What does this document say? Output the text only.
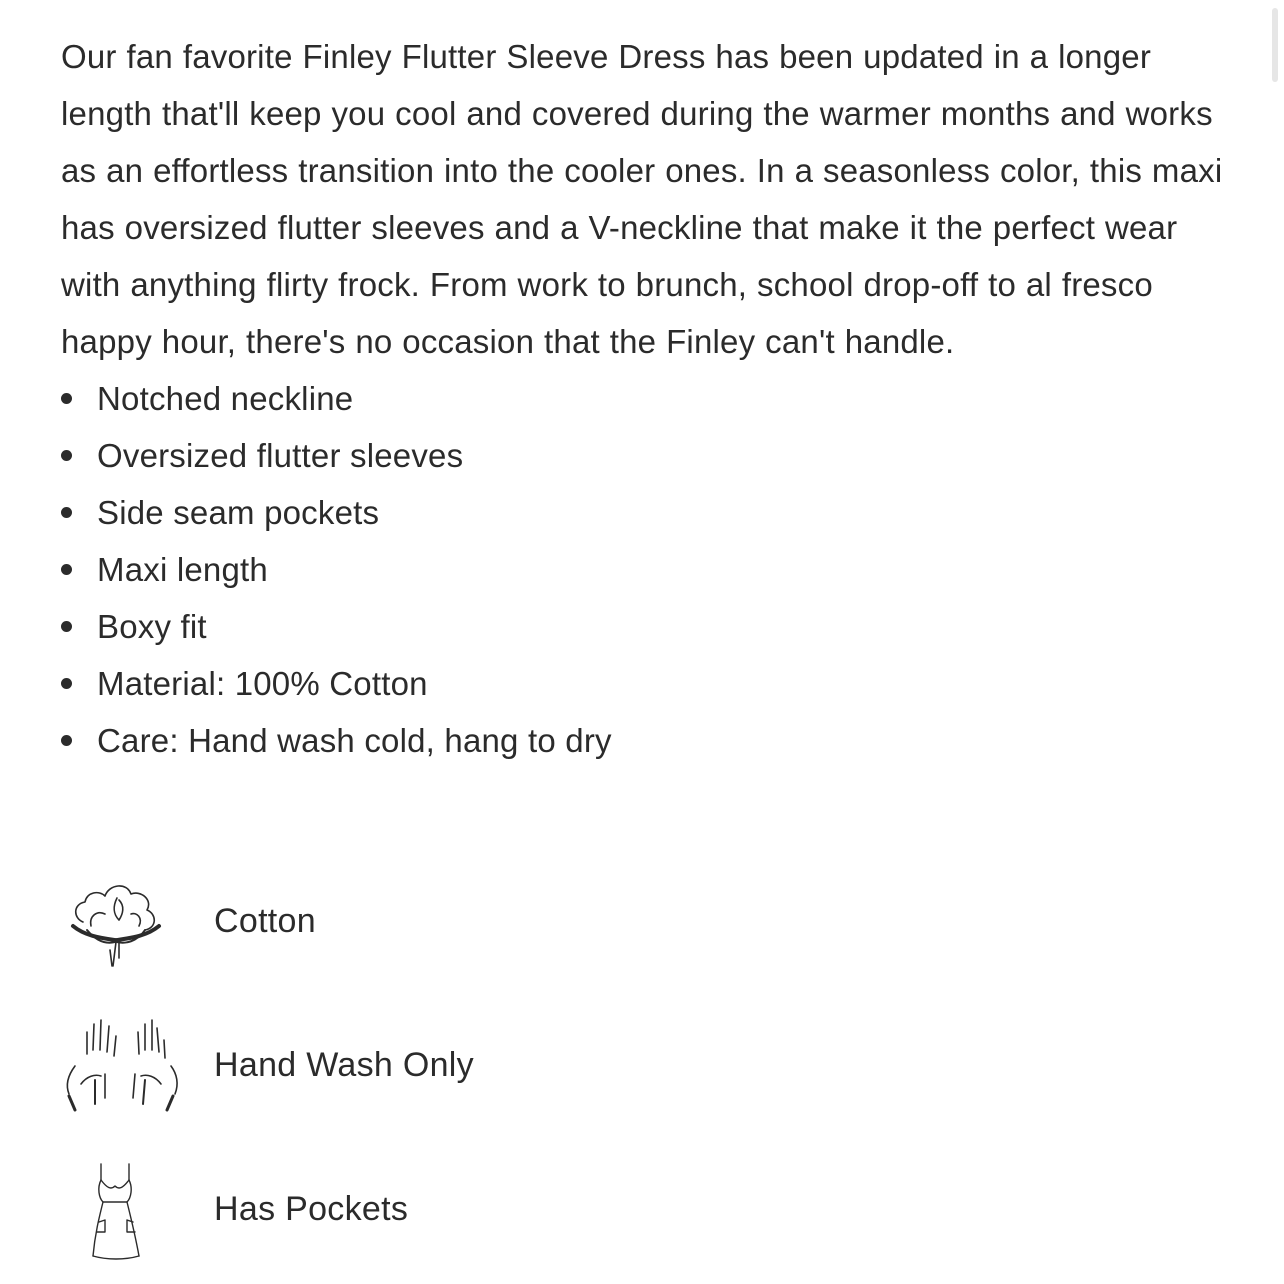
Our fan favorite Finley Flutter Sleeve Dress has been updated in a longer length that'll keep you cool and covered during the warmer months and works as an effortless transition into the cooler ones. In a seasonless color, this maxi has oversized flutter sleeves and a V-neckline that make it the perfect wear with anything flirty frock. From work to brunch, school drop-off to al fresco happy hour, there's no occasion that the Finley can't handle.

Notched neckline
Oversized flutter sleeves
Side seam pockets
Maxi length
Boxy fit
Material: 100% Cotton
Care: Hand wash cold, hang to dry
Cotton
Hand Wash Only
Has Pockets
